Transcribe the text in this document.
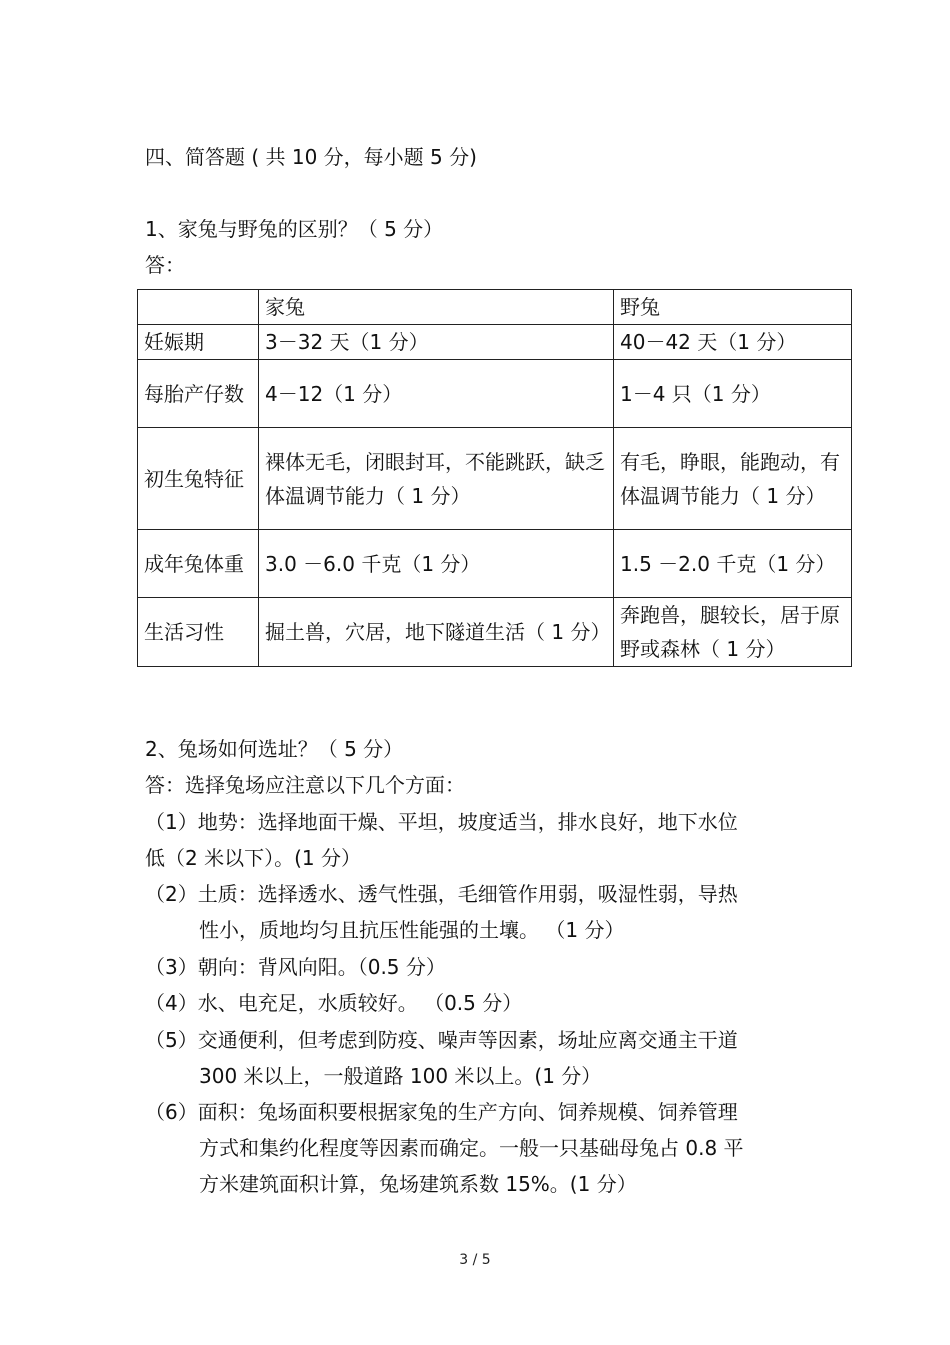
四、简答题 ( 共 10 分，每小题 5 分)
1、家兔与野兔的区别？（ 5 分）
答：
	家兔	野兔
妊娠期	3－32 天（1 分）	40－42 天（1 分）
每胎产仔数	4－12（1 分）	1－4 只（1 分）
初生兔特征	裸体无毛，闭眼封耳，不能跳跃，缺乏体温调节能力（ 1 分）	有毛，睁眼，能跑动，有体温调节能力（ 1 分）
成年兔体重	3.0 －6.0 千克（1 分）	1.5 －2.0 千克（1 分）
生活习性	掘土兽，穴居，地下隧道生活（ 1 分）	奔跑兽，腿较长，居于原野或森林（ 1 分）
2、兔场如何选址？（ 5 分）
答：选择兔场应注意以下几个方面：
（1）地势：选择地面干燥、平坦，坡度适当，排水良好，地下水位
低（2 米以下）。(1 分）
（2）土质：选择透水、透气性强，毛细管作用弱，吸湿性弱，导热
性小，质地均匀且抗压性能强的土壤。 （1 分）
（3）朝向：背风向阳。（0.5 分）
（4）水、电充足，水质较好。 （0.5 分）
（5）交通便利，但考虑到防疫、噪声等因素，场址应离交通主干道
300 米以上，一般道路 100 米以上。(1 分）
（6）面积：兔场面积要根据家兔的生产方向、饲养规模、饲养管理
方式和集约化程度等因素而确定。一般一只基础母兔占 0.8 平
方米建筑面积计算，兔场建筑系数 15%。(1 分）
3 / 5
